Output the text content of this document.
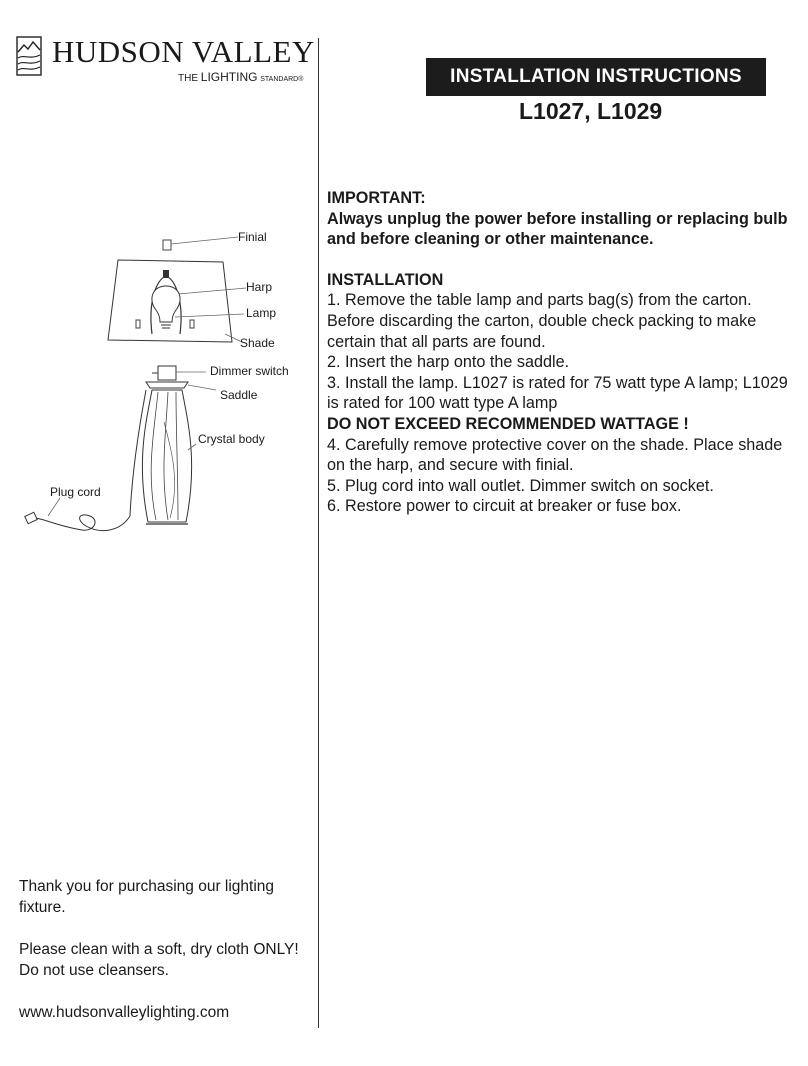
HUDSON VALLEY
THE LIGHTING STANDARD®	INSTALLATION INSTRUCTIONS
L1027, L1029
Finial
Harp
Lamp
Shade
Dimmer switch
Saddle
Crystal body
Plug cord

IMPORTANT:

Always unplug the power before installing or replacing bulb and before cleaning or other maintenance.

INSTALLATION

1. Remove the table lamp and parts bag(s) from the carton. Before discarding the carton, double check packing to make certain that all parts are found.

2. Insert the harp onto the saddle.

3. Install the lamp. L1027 is rated for 75 watt type A lamp; L1029 is rated for 100 watt type A lamp

DO NOT EXCEED RECOMMENDED WATTAGE !

4. Carefully remove protective cover on the shade. Place shade on the harp, and secure with finial.

5. Plug cord into wall outlet. Dimmer switch on socket.

6. Restore power to circuit at breaker or fuse box.

Thank you for purchasing our lighting fixture.

Please clean with a soft, dry cloth ONLY! Do not use cleansers.

www.hudsonvalleylighting.com
